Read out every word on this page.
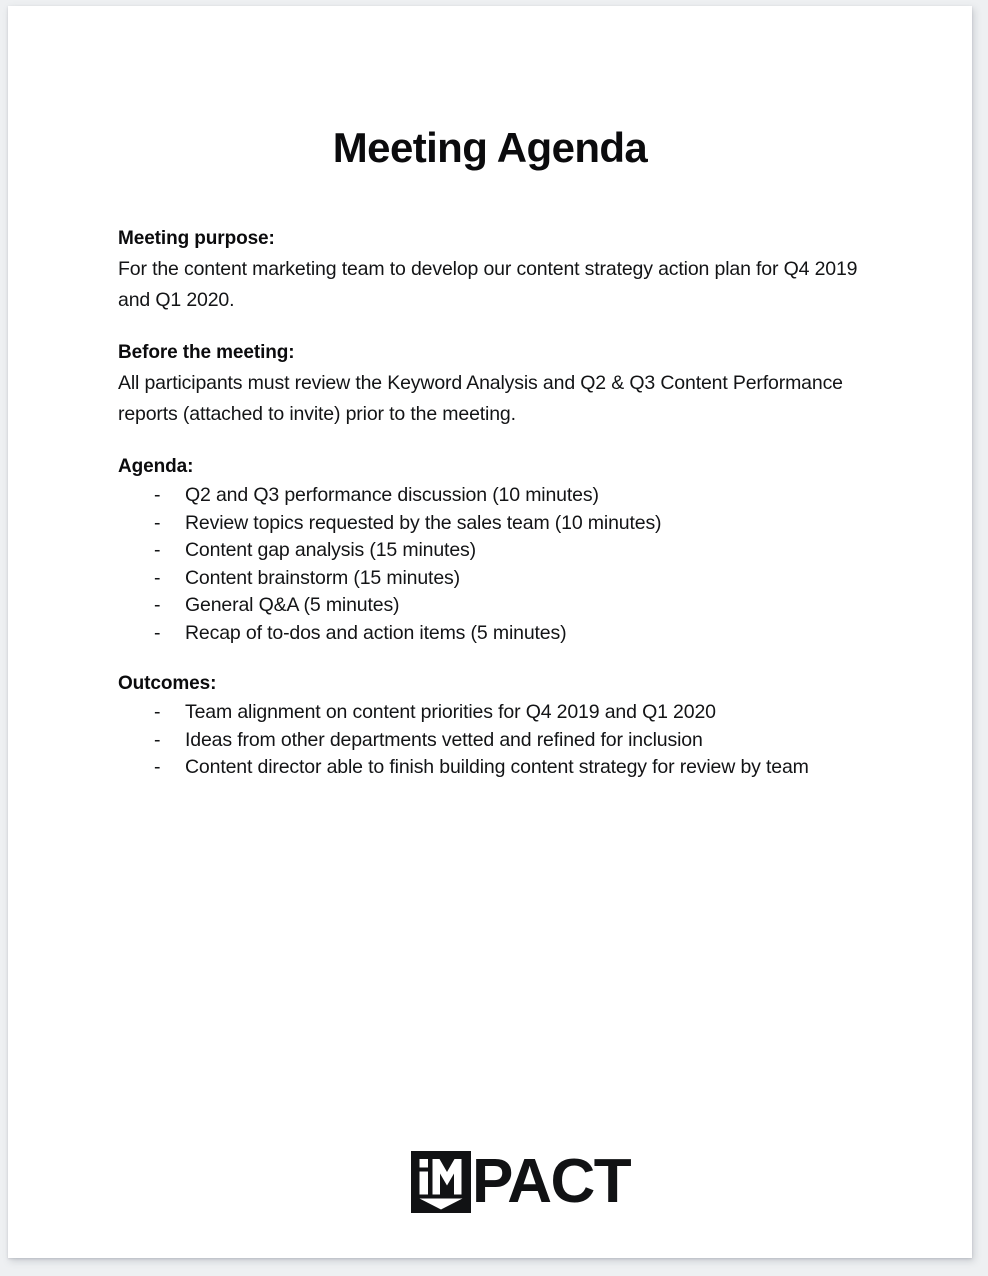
Meeting Agenda
Meeting purpose:
For the content marketing team to develop our content strategy action plan for Q4 2019 and Q1 2020.
Before the meeting:
All participants must review the Keyword Analysis and Q2 & Q3 Content Performance reports (attached to invite) prior to the meeting.
Agenda:
-	Q2 and Q3 performance discussion (10 minutes)
-	Review topics requested by the sales team (10 minutes)
-	Content gap analysis (15 minutes)
-	Content brainstorm (15 minutes)
-	General Q&A (5 minutes)
-	Recap of to-dos and action items (5 minutes)
Outcomes:
-	Team alignment on content priorities for Q4 2019 and Q1 2020
-	Ideas from other departments vetted and refined for inclusion
-	Content director able to finish building content strategy for review by team
PACT
